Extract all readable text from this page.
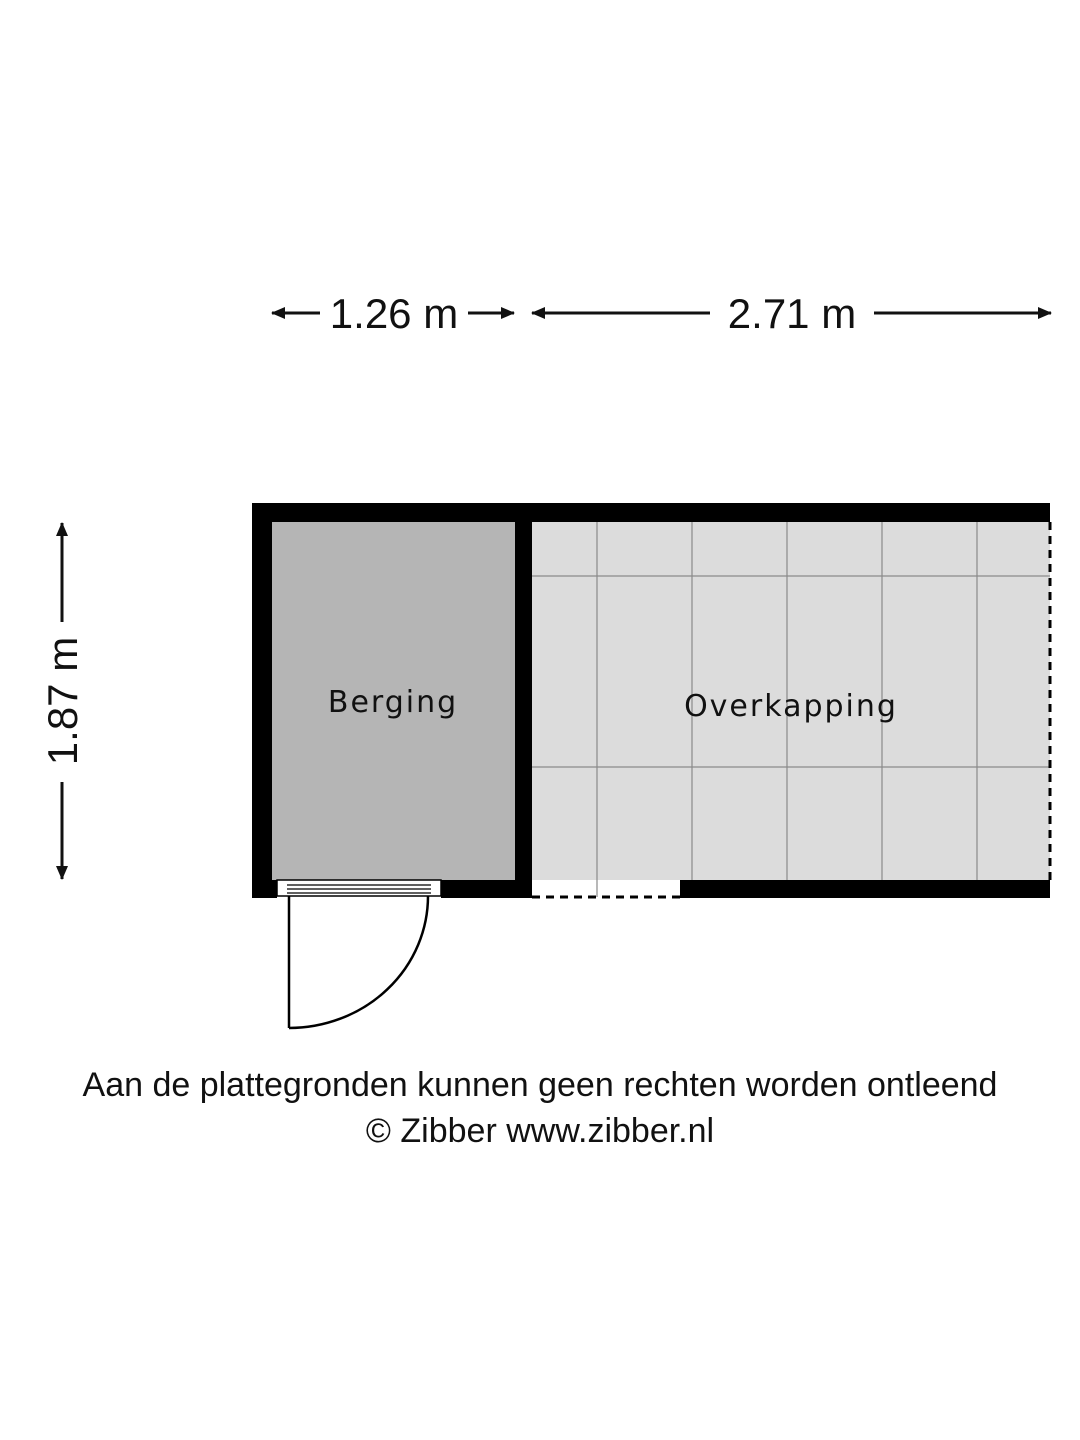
1.26 m	2.71 m
1.87 m	Berging	Overkapping
Aan de plattegronden kunnen geen rechten worden ontleend
© Zibber www.zibber.nl
